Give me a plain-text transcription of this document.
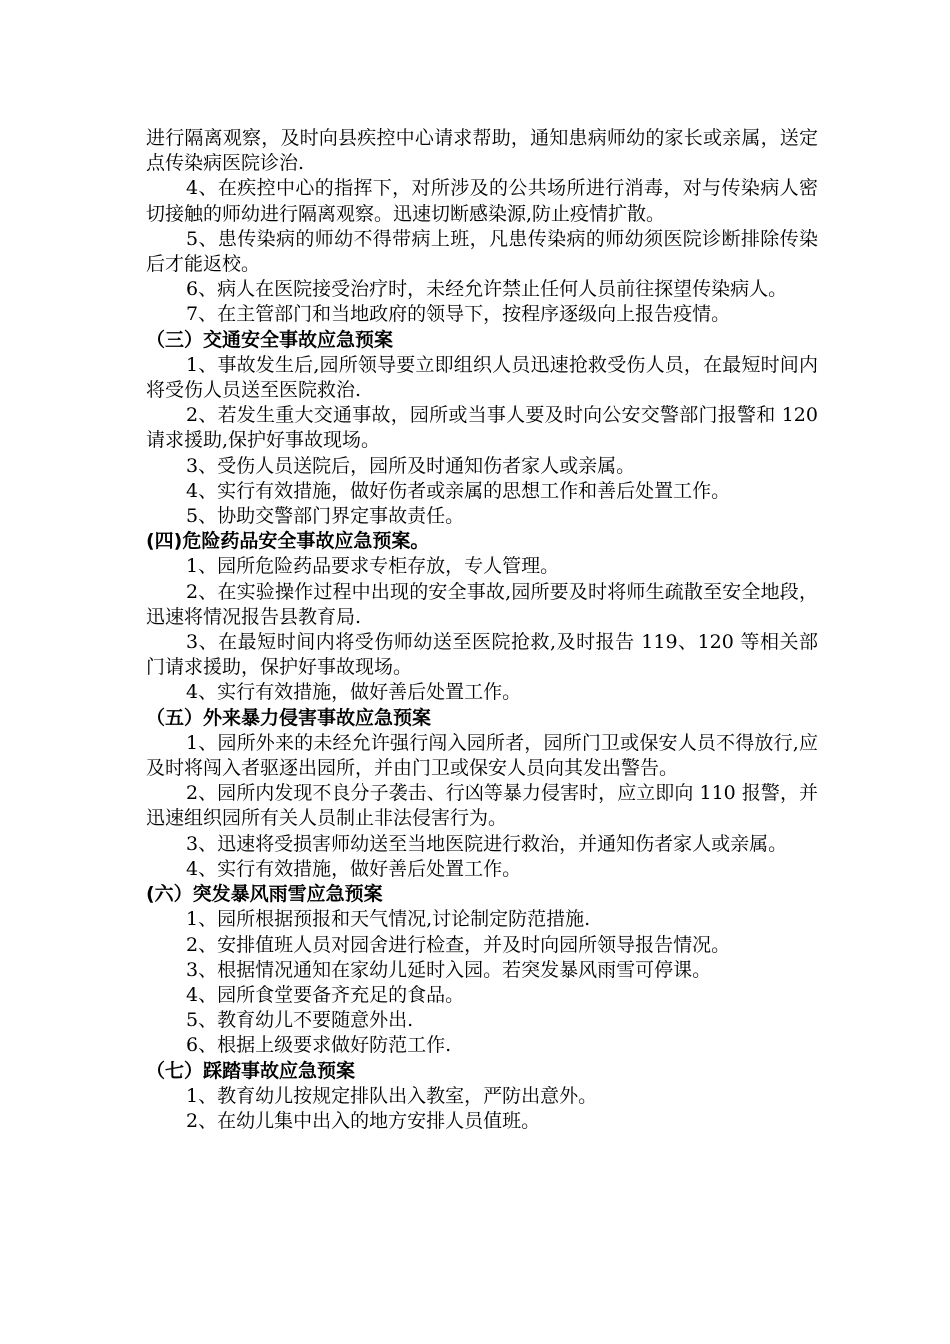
进行隔离观察，及时向县疾控中心请求帮助，通知患病师幼的家长或亲属，送定点传染病医院诊治.

4、在疾控中心的指挥下，对所涉及的公共场所进行消毒，对与传染病人密切接触的师幼进行隔离观察。迅速切断感染源,防止疫情扩散。

5、患传染病的师幼不得带病上班，凡患传染病的师幼须医院诊断排除传染后才能返校。

6、病人在医院接受治疗时，未经允许禁止任何人员前往探望传染病人。

7、在主管部门和当地政府的领导下，按程序逐级向上报告疫情。

（三）交通安全事故应急预案

1、事故发生后,园所领导要立即组织人员迅速抢救受伤人员，在最短时间内将受伤人员送至医院救治.

2、若发生重大交通事故，园所或当事人要及时向公安交警部门报警和 120 请求援助,保护好事故现场。

3、受伤人员送院后，园所及时通知伤者家人或亲属。

4、实行有效措施，做好伤者或亲属的思想工作和善后处置工作。

5、协助交警部门界定事故责任。

(四)危险药品安全事故应急预案。

1、园所危险药品要求专柜存放，专人管理。

2、在实验操作过程中出现的安全事故,园所要及时将师生疏散至安全地段，迅速将情况报告县教育局.

3、在最短时间内将受伤师幼送至医院抢救,及时报告 119、120 等相关部门请求援助，保护好事故现场。

4、实行有效措施，做好善后处置工作。

（五）外来暴力侵害事故应急预案

1、园所外来的未经允许强行闯入园所者，园所门卫或保安人员不得放行,应及时将闯入者驱逐出园所，并由门卫或保安人员向其发出警告。

2、园所内发现不良分子袭击、行凶等暴力侵害时，应立即向 110 报警，并迅速组织园所有关人员制止非法侵害行为。

3、迅速将受损害师幼送至当地医院进行救治，并通知伤者家人或亲属。

4、实行有效措施，做好善后处置工作。

(六）突发暴风雨雪应急预案

1、园所根据预报和天气情况,讨论制定防范措施.

2、安排值班人员对园舍进行检查，并及时向园所领导报告情况。

3、根据情况通知在家幼儿延时入园。若突发暴风雨雪可停课。

4、园所食堂要备齐充足的食品。

5、教育幼儿不要随意外出.

6、根据上级要求做好防范工作.

（七）踩踏事故应急预案

1、教育幼儿按规定排队出入教室，严防出意外。

2、在幼儿集中出入的地方安排人员值班。
